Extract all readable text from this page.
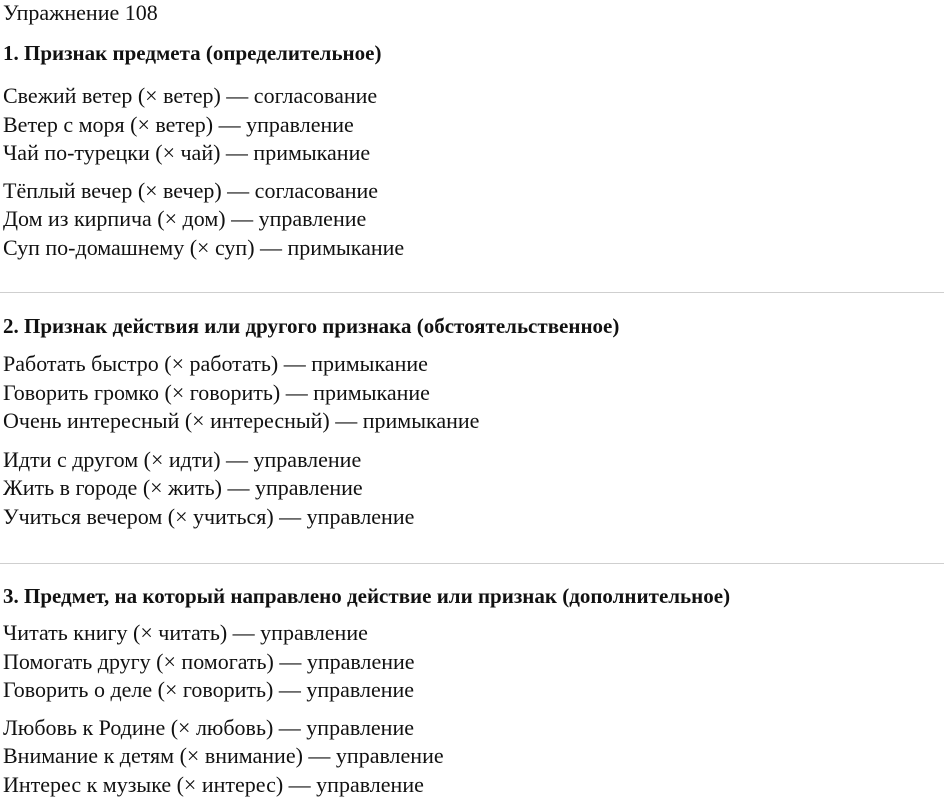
Упражнение 108
1. Признак предмета (определительное)
Свежий ветер (× ветер) — согласование
Ветер с моря (× ветер) — управление
Чай по-турецки (× чай) — примыкание
Тёплый вечер (× вечер) — согласование
Дом из кирпича (× дом) — управление
Суп по-домашнему (× суп) — примыкание
2. Признак действия или другого признака (обстоятельственное)
Работать быстро (× работать) — примыкание
Говорить громко (× говорить) — примыкание
Очень интересный (× интересный) — примыкание
Идти с другом (× идти) — управление
Жить в городе (× жить) — управление
Учиться вечером (× учиться) — управление
3. Предмет, на который направлено действие или признак (дополнительное)
Читать книгу (× читать) — управление
Помогать другу (× помогать) — управление
Говорить о деле (× говорить) — управление
Любовь к Родине (× любовь) — управление
Внимание к детям (× внимание) — управление
Интерес к музыке (× интерес) — управление
